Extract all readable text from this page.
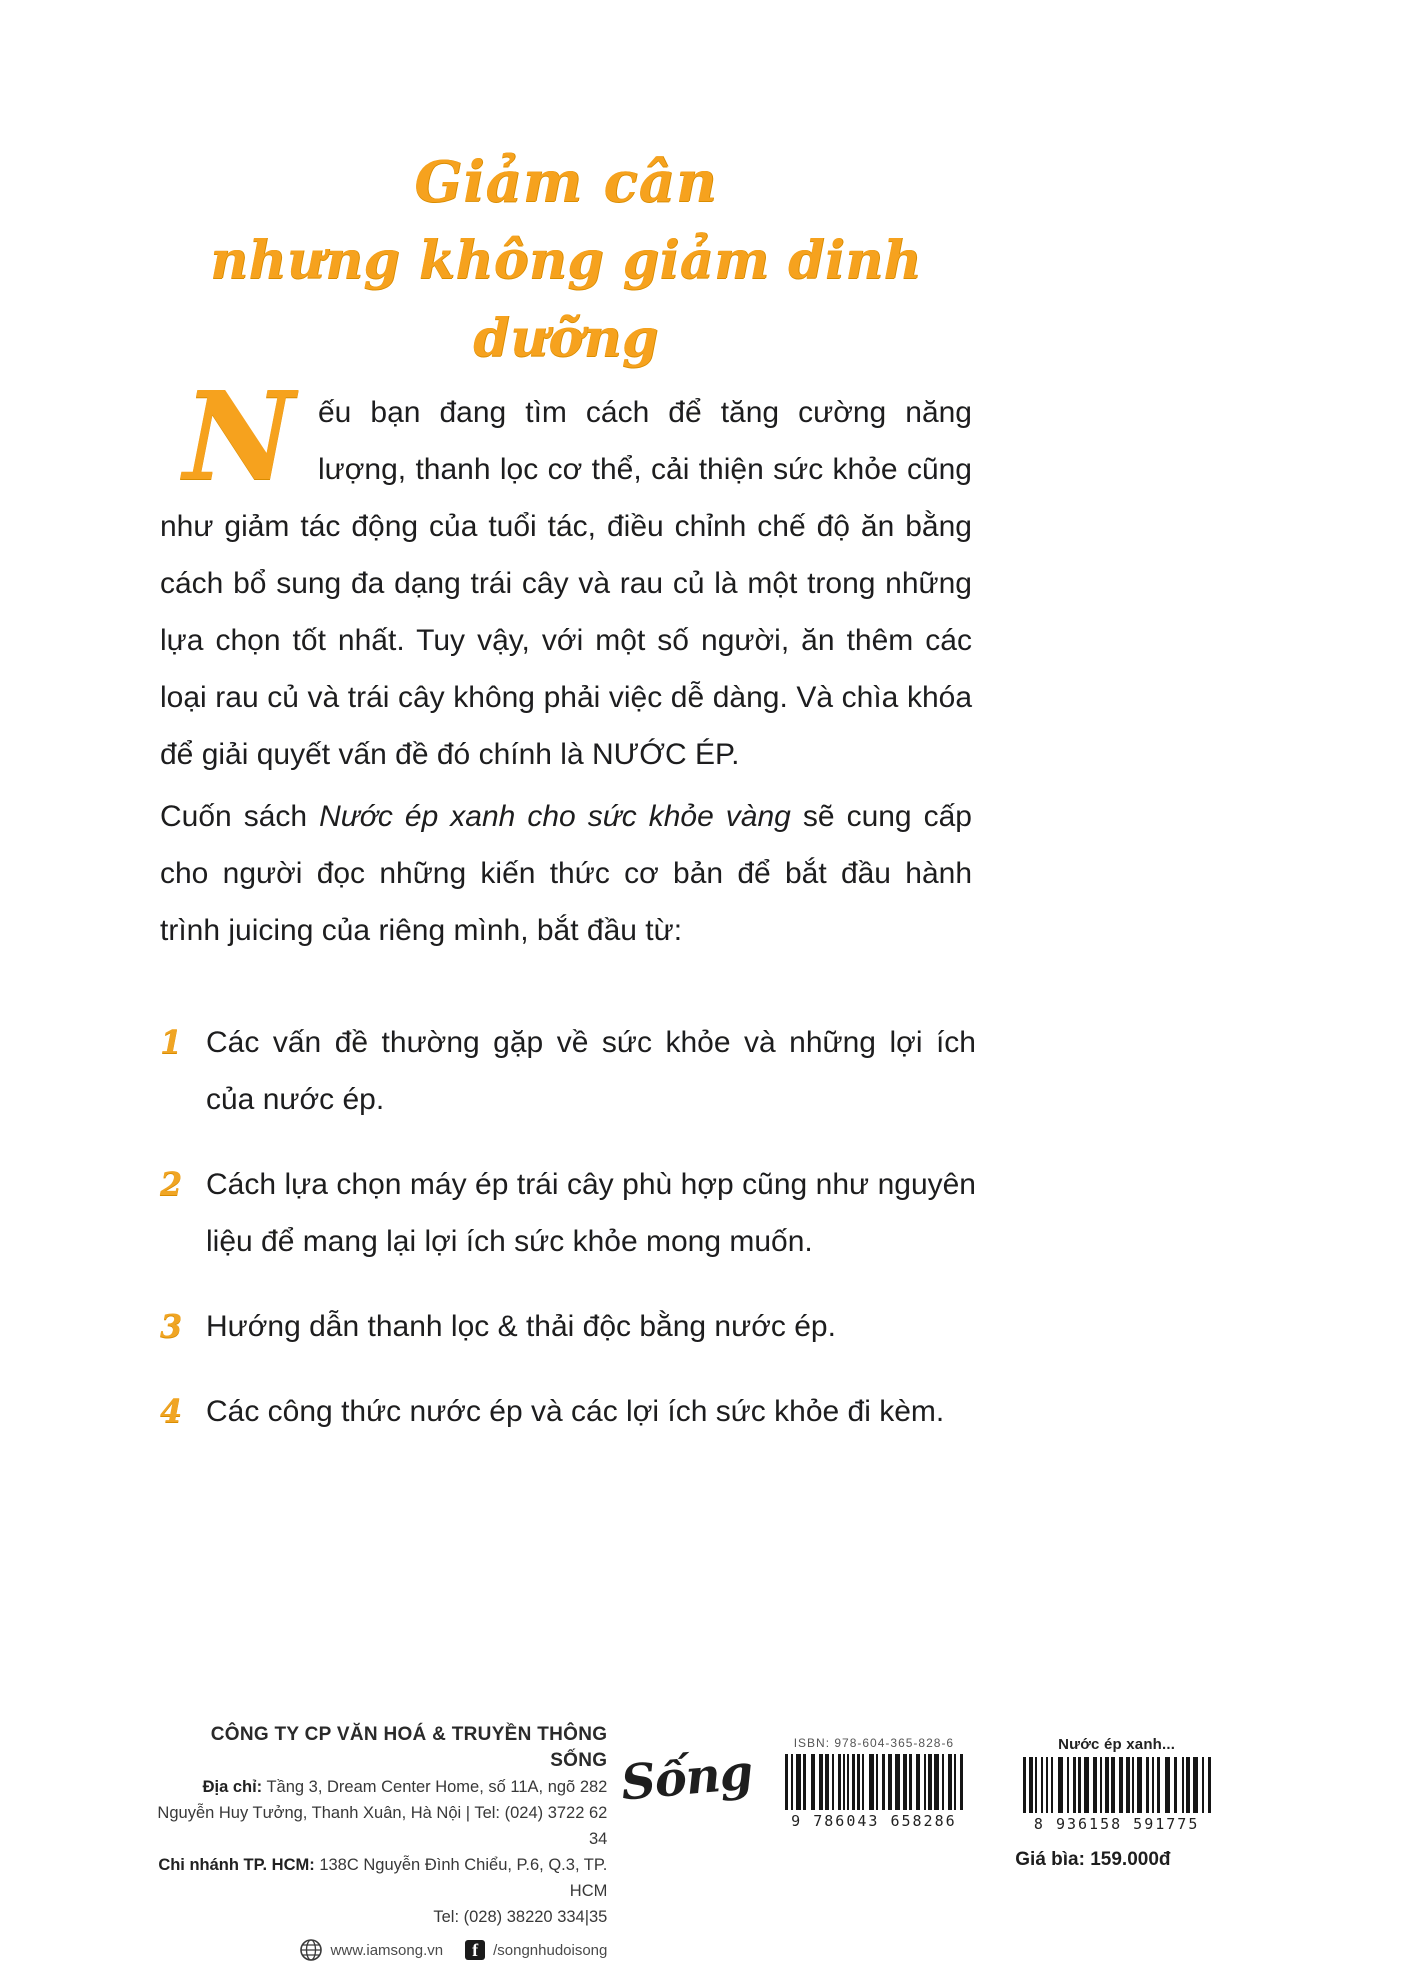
Giảm cân
nhưng không giảm dinh dưỡng
Nếu bạn đang tìm cách để tăng cường năng lượng, thanh lọc cơ thể, cải thiện sức khỏe cũng như giảm tác động của tuổi tác, điều chỉnh chế độ ăn bằng cách bổ sung đa dạng trái cây và rau củ là một trong những lựa chọn tốt nhất. Tuy vậy, với một số người, ăn thêm các loại rau củ và trái cây không phải việc dễ dàng. Và chìa khóa để giải quyết vấn đề đó chính là NƯỚC ÉP.
Cuốn sách Nước ép xanh cho sức khỏe vàng sẽ cung cấp cho người đọc những kiến thức cơ bản để bắt đầu hành trình juicing của riêng mình, bắt đầu từ:
1 Các vấn đề thường gặp về sức khỏe và những lợi ích của nước ép.
2 Cách lựa chọn máy ép trái cây phù hợp cũng như nguyên liệu để mang lại lợi ích sức khỏe mong muốn.
3 Hướng dẫn thanh lọc & thải độc bằng nước ép.
4 Các công thức nước ép và các lợi ích sức khỏe đi kèm.
CÔNG TY CP VĂN HOÁ & TRUYỀN THÔNG SỐNG
Địa chỉ: Tầng 3, Dream Center Home, số 11A, ngõ 282
Nguyễn Huy Tưởng, Thanh Xuân, Hà Nội | Tel: (024) 3722 62 34
Chi nhánh TP. HCM: 138C Nguyễn Đình Chiểu, P.6, Q.3, TP. HCM
Tel: (028) 38220 334|35
www.iamsong.vn f /songnhudoisong
Sống
ISBN: 978-604-365-828-6
9 786043 658286
Nước ép xanh...
8 936158 591775
Giá bìa: 159.000đ
